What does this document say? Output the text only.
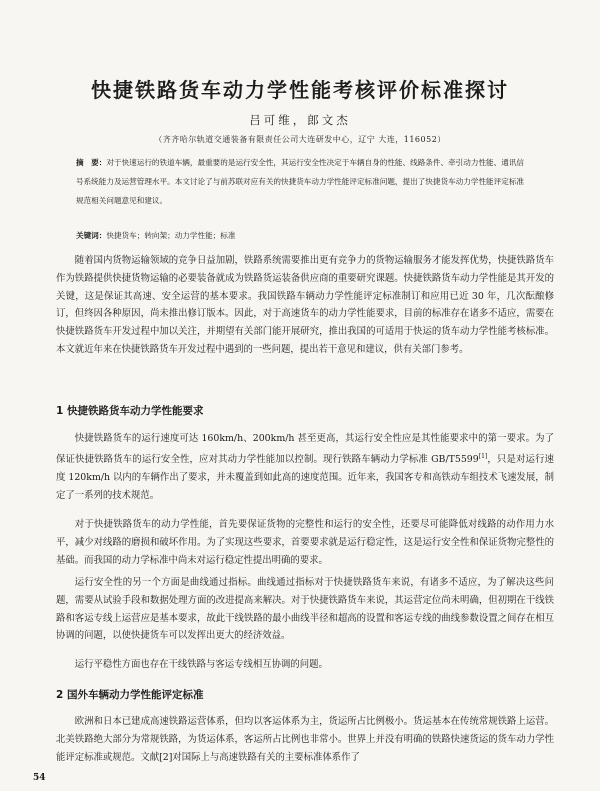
快捷铁路货车动力学性能考核评价标准探讨
吕可维，郎文杰
（齐齐哈尔轨道交通装备有限责任公司大连研发中心，辽宁 大连，116052）

摘　要：对于快速运行的铁道车辆，最重要的是运行安全性，其运行安全性决定于车辆自身的性能、线路条件、牵引动力性能、通讯信号系统能力及运营管理水平。本文讨论了与前苏联对应有关的快捷货车动力学性能评定标准问题，提出了快捷货车动力学性能评定标准规范相关问题意见和建议。

关键词：快捷货车；转向架；动力学性能；标准

随着国内货物运输领域的竞争日益加剧，铁路系统需要推出更有竞争力的货物运输服务才能发挥优势，快捷铁路货车作为铁路提供快捷货物运输的必要装备就成为铁路货运装备供应商的重要研究课题。快捷铁路货车动力学性能是其开发的关键，这是保证其高速、安全运营的基本要求。我国铁路车辆动力学性能评定标准制订和应用已近 30 年，几次酝酿修订，但终因各种原因，尚未推出修订版本。因此，对于高速货车的动力学性能要求，目前的标准存在诸多不适应，需要在快捷铁路货车开发过程中加以关注，并期望有关部门能开展研究，推出我国的可适用于快运的货车动力学性能考核标准。本文就近年来在快捷铁路货车开发过程中遇到的一些问题，提出若干意见和建议，供有关部门参考。

1 快捷铁路货车动力学性能要求

快捷铁路货车的运行速度可达 160km/h、200km/h 甚至更高，其运行安全性应是其性能要求中的第一要求。为了保证快捷铁路货车的运行安全性，应对其动力学性能加以控制。现行铁路车辆动力学标准 GB/T5599[1]，只是对运行速度 120km/h 以内的车辆作出了要求，并未覆盖到如此高的速度范围。近年来，我国客专和高铁动车组技术飞速发展，制定了一系列的技术规范。

对于快捷铁路货车的动力学性能，首先要保证货物的完整性和运行的安全性，还要尽可能降低对线路的动作用力水平，减少对线路的磨损和破坏作用。为了实现这些要求，首要要求就是运行稳定性，这是运行安全性和保证货物完整性的基础。而我国的动力学标准中尚未对运行稳定性提出明确的要求。

运行安全性的另一个方面是曲线通过指标。曲线通过指标对于快捷铁路货车来说，有诸多不适应，为了解决这些问题，需要从试验手段和数据处理方面的改进提高来解决。对于快捷铁路货车来说，其运营定位尚未明确，但初期在干线铁路和客运专线上运营应是基本要求，故此干线铁路的最小曲线半径和超高的设置和客运专线的曲线参数设置之间存在相互协调的问题，以使快捷货车可以发挥出更大的经济效益。

运行平稳性方面也存在干线铁路与客运专线相互协调的问题。

2 国外车辆动力学性能评定标准

欧洲和日本已建成高速铁路运营体系，但均以客运体系为主，货运所占比例极小。货运基本在传统常规铁路上运营。北美铁路绝大部分为常规铁路，为货运体系，客运所占比例也非常小。世界上并没有明确的铁路快速货运的货车动力学性能评定标准或规范。文献[2]对国际上与高速铁路有关的主要标准体系作了

54
